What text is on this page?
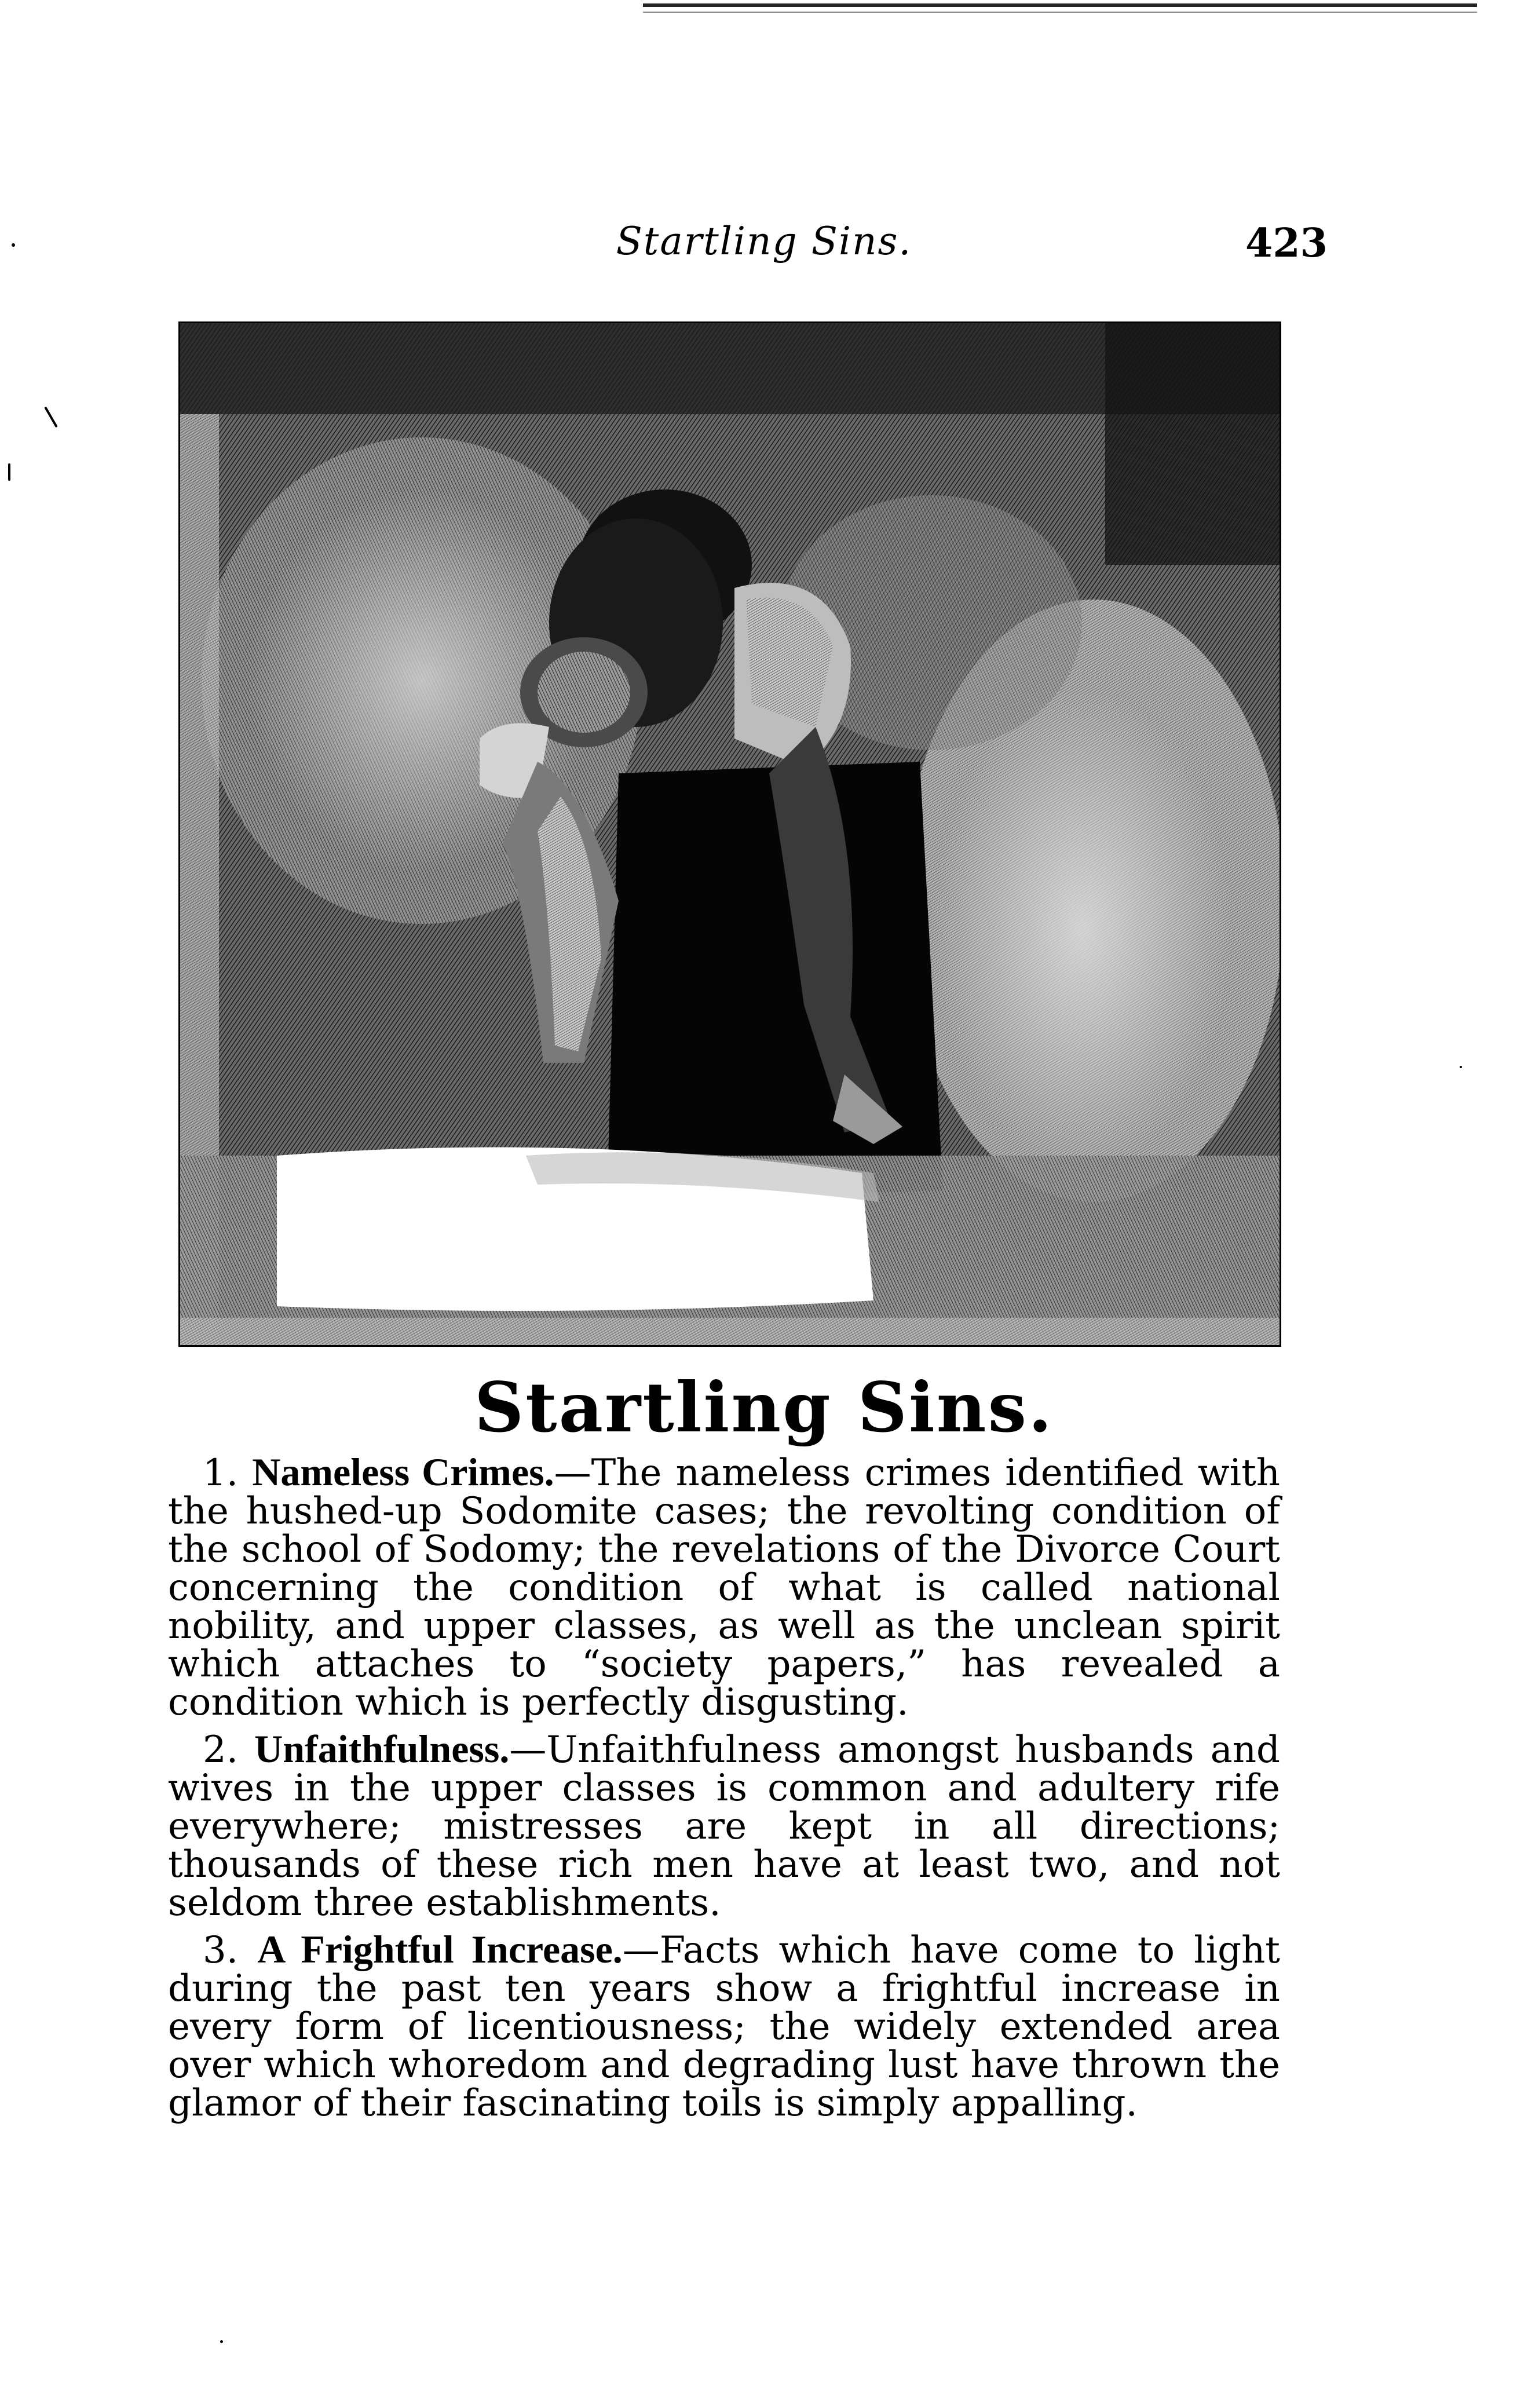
Startling Sins.	423
Startling Sins.

1. Nameless Crimes.—The nameless crimes identified with the hushed-up Sodomite cases; the revolting condition of the school of Sodomy; the revelations of the Divorce Court concerning the condition of what is called national nobility, and upper classes, as well as the unclean spirit which attaches to “society papers,” has revealed a condition which is perfectly disgusting.

2. Unfaithfulness.—Unfaithfulness amongst husbands and wives in the upper classes is common and adultery rife everywhere; mistresses are kept in all directions; thousands of these rich men have at least two, and not seldom three establishments.

3. A Frightful Increase.—Facts which have come to light during the past ten years show a frightful increase in every form of licentiousness; the widely extended area over which whoredom and degrading lust have thrown the glamor of their fascinating toils is simply appalling.
